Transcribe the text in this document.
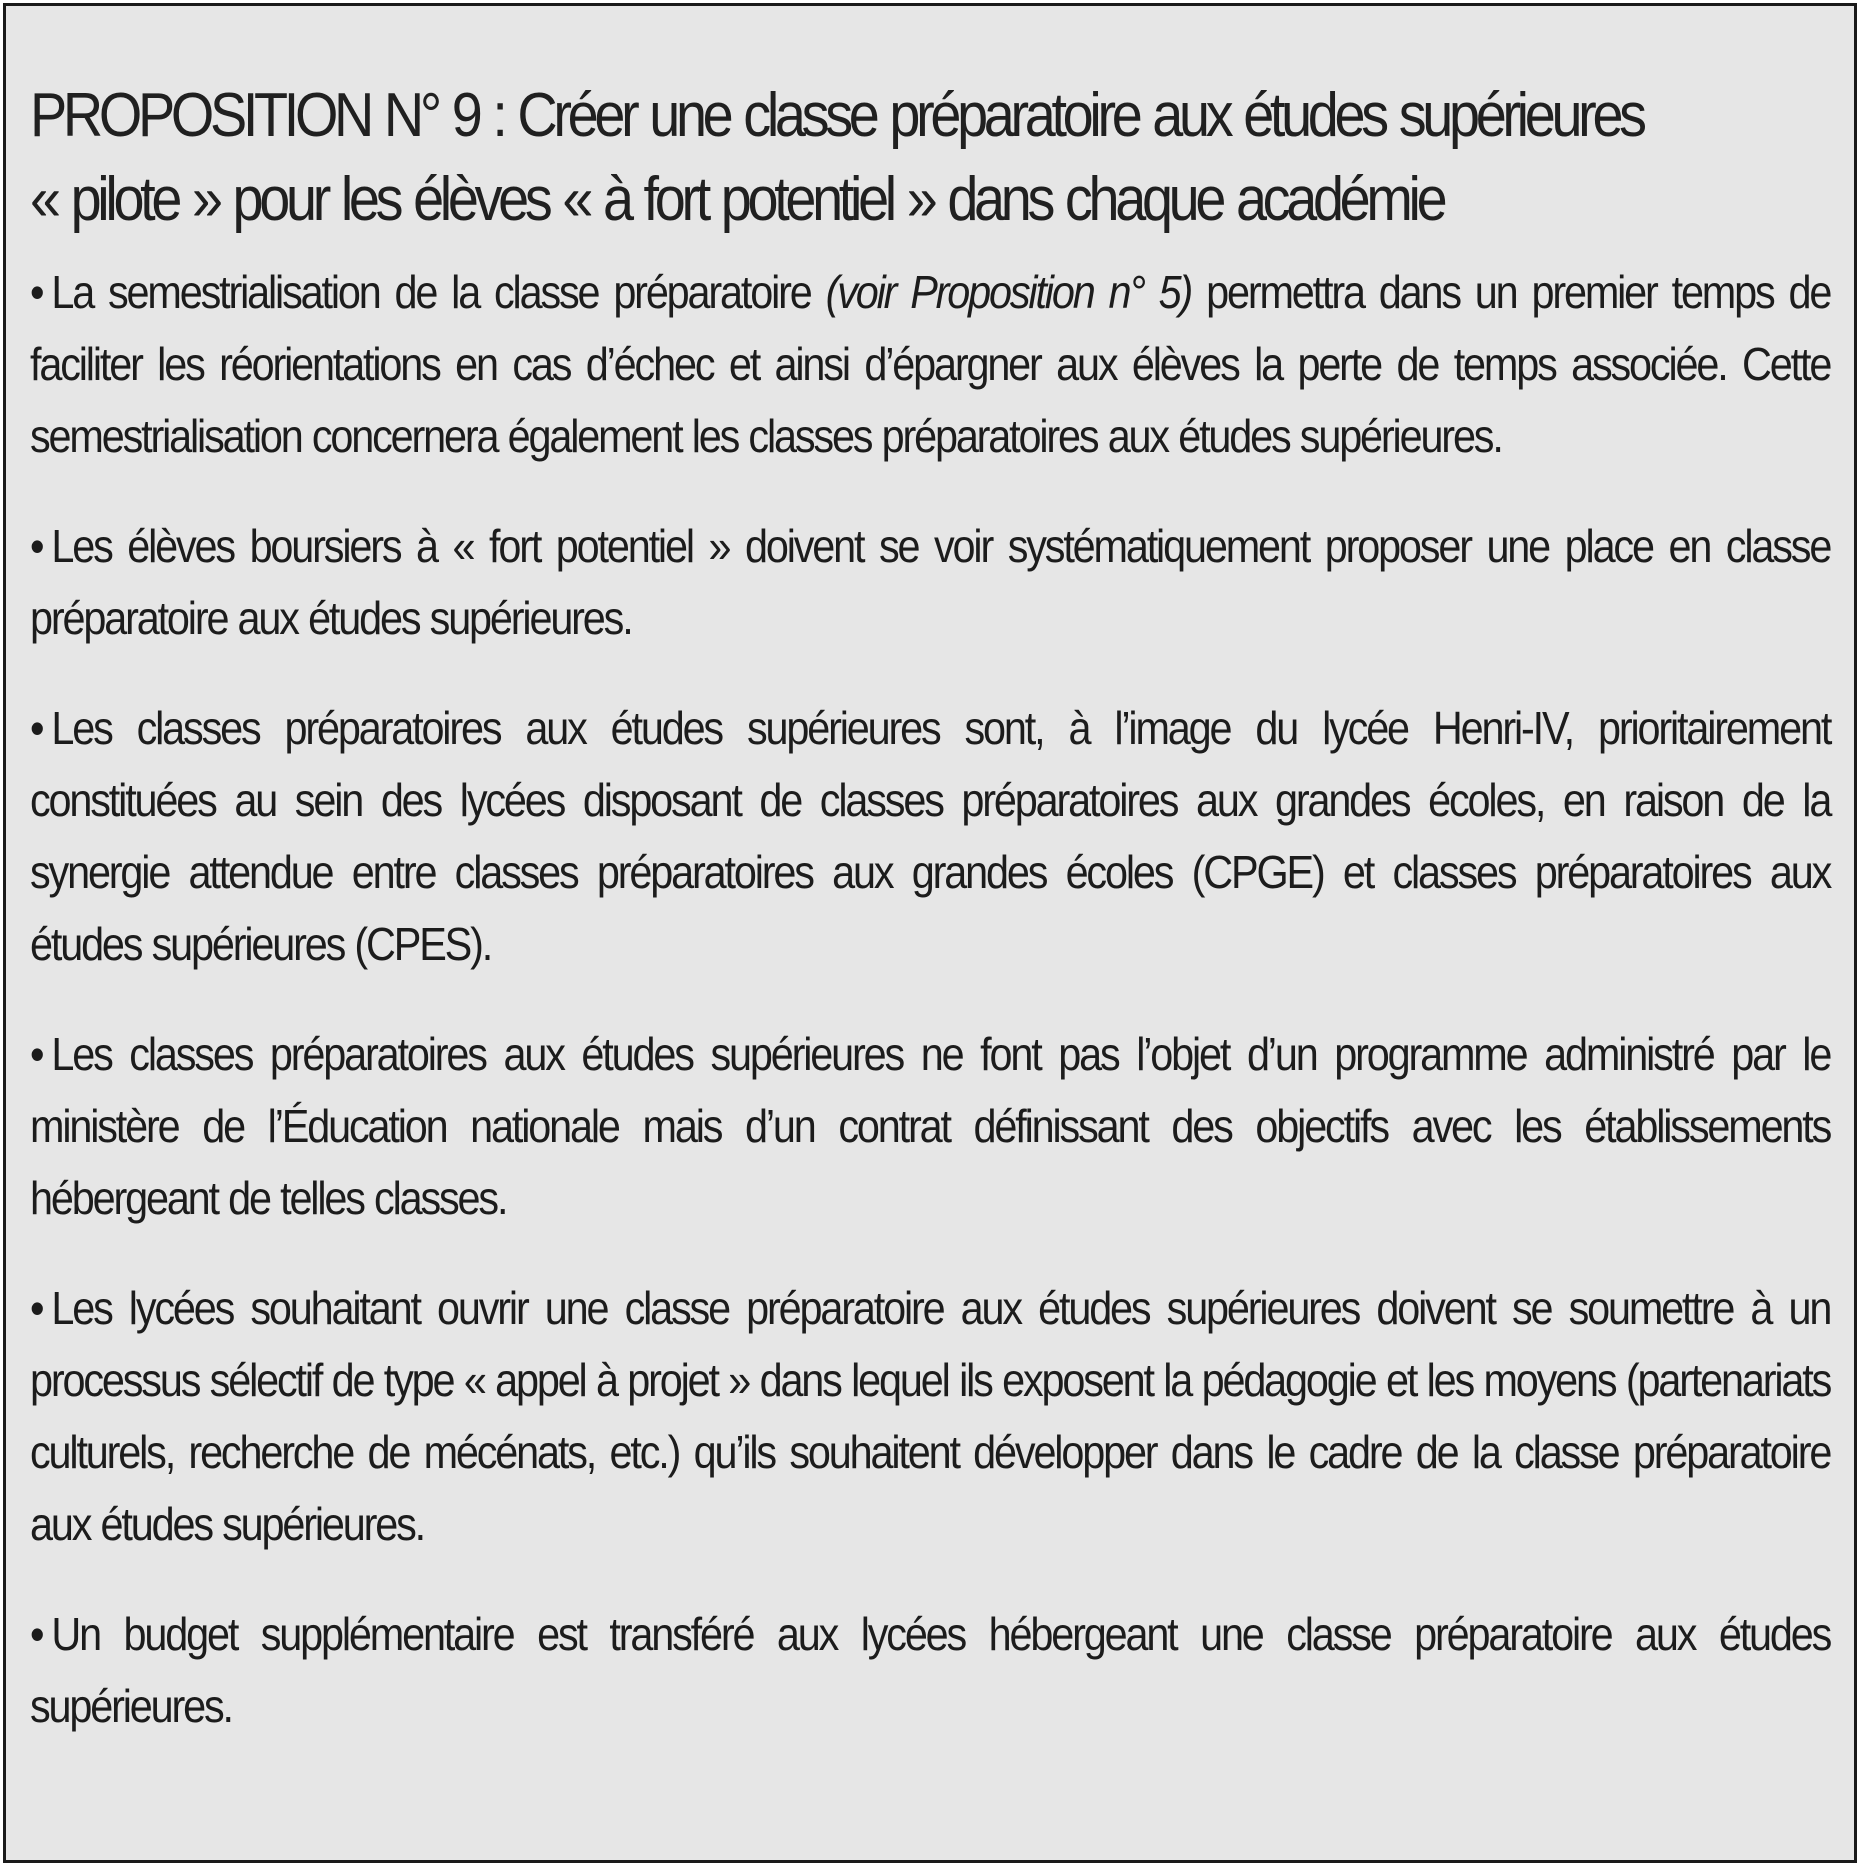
PROPOSITION N° 9 : Créer une classe préparatoire aux études supérieures
« pilote » pour les élèves « à fort potentiel » dans chaque académie

• La semestrialisation de la classe préparatoire (voir Proposition n° 5) permettra dans un premier temps de faciliter les réorientations en cas d’échec et ainsi d’épargner aux élèves la perte de temps associée. Cette semestrialisation concernera également les classes préparatoires aux études supérieures.

• Les élèves boursiers à « fort potentiel » doivent se voir systématiquement proposer une place en classe préparatoire aux études supérieures.

• Les classes préparatoires aux études supérieures sont, à l’image du lycée Henri-IV, prioritairement constituées au sein des lycées disposant de classes préparatoires aux grandes écoles, en raison de la synergie attendue entre classes préparatoires aux grandes écoles (CPGE) et classes préparatoires aux études supérieures (CPES).

• Les classes préparatoires aux études supérieures ne font pas l’objet d’un programme administré par le ministère de l’Éducation nationale mais d’un contrat définissant des objectifs avec les établissements hébergeant de telles classes.

• Les lycées souhaitant ouvrir une classe préparatoire aux études supérieures doivent se soumettre à un processus sélectif de type « appel à projet » dans lequel ils exposent la pédagogie et les moyens (partenariats culturels, recherche de mécénats, etc.) qu’ils souhaitent développer dans le cadre de la classe préparatoire aux études supérieures.

• Un budget supplémentaire est transféré aux lycées hébergeant une classe préparatoire aux études supérieures.
